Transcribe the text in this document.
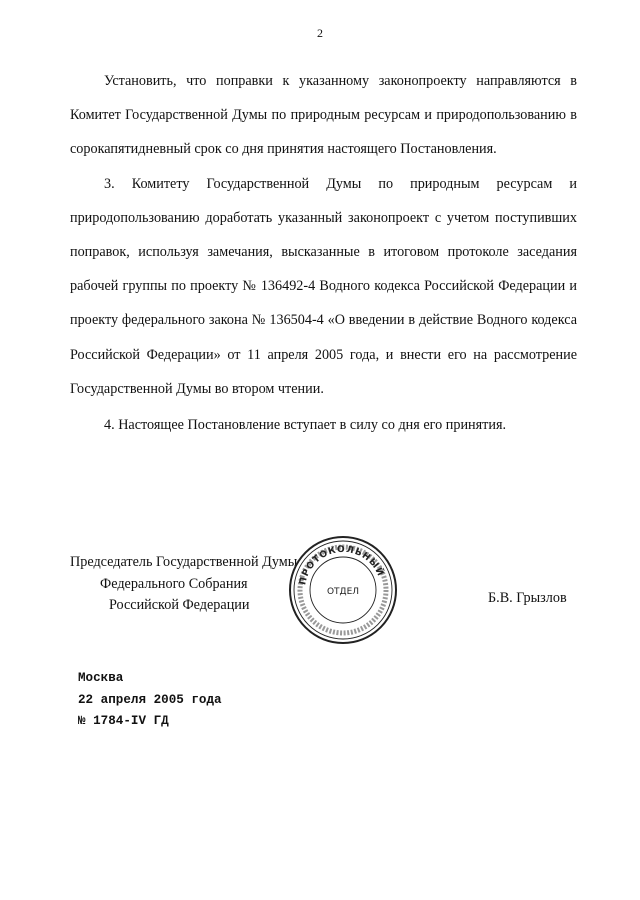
2

Установить, что поправки к указанному законопроекту направляются в Комитет Государственной Думы по природным ресурсам и природопользованию в сорокапятидневный срок со дня принятия настоящего Постановления.

3. Комитету Государственной Думы по природным ресурсам и природопользованию доработать указанный законопроект с учетом поступивших поправок, используя замечания, высказанные в итоговом протоколе заседания рабочей группы по проекту № 136492-4 Водного кодекса Российской Федерации и проекту федерального закона № 136504-4 «О введении в действие Водного кодекса Российской Федерации» от 11 апреля 2005 года, и внести его на рассмотрение Государственной Думы во втором чтении.

4. Настоящее Постановление вступает в силу со дня его принятия.

Председатель Государственной Думы
Федерального Собрания
Российской Федерации
ПРОТОКОЛЬНЫЙ
ОТДЕЛ	Б.В. Грызлов
Москва
22 апреля 2005 года
№ 1784-IV ГД
